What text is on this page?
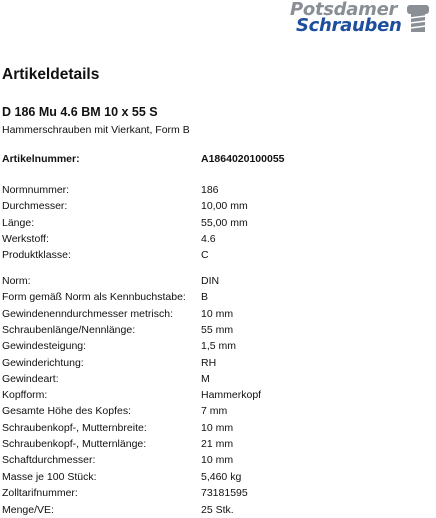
Potsdamer
Schrauben
Artikeldetails
D 186 Mu 4.6 BM 10 x 55 S
Hammerschrauben mit Vierkant, Form B
Artikelnummer:	A1864020100055
Normnummer:	186
Durchmesser:	10,00 mm
Länge:	55,00 mm
Werkstoff:	4.6
Produktklasse:	C
Norm:	DIN
Form gemäß Norm als Kennbuchstabe: B
Gewindenenndurchmesser metrisch:	10 mm
Schraubenlänge/Nennlänge:	55 mm
Gewindesteigung:	1,5 mm
Gewinderichtung:	RH
Gewindeart:	M
Kopfform:	Hammerkopf
Gesamte Höhe des Kopfes:	7 mm
Schraubenkopf-, Mutternbreite:	10 mm
Schraubenkopf-, Mutternlänge:	21 mm
Schaftdurchmesser:	10 mm
Masse je 100 Stück:	5,460 kg
Zolltarifnummer:	73181595
Menge/VE:	25 Stk.
